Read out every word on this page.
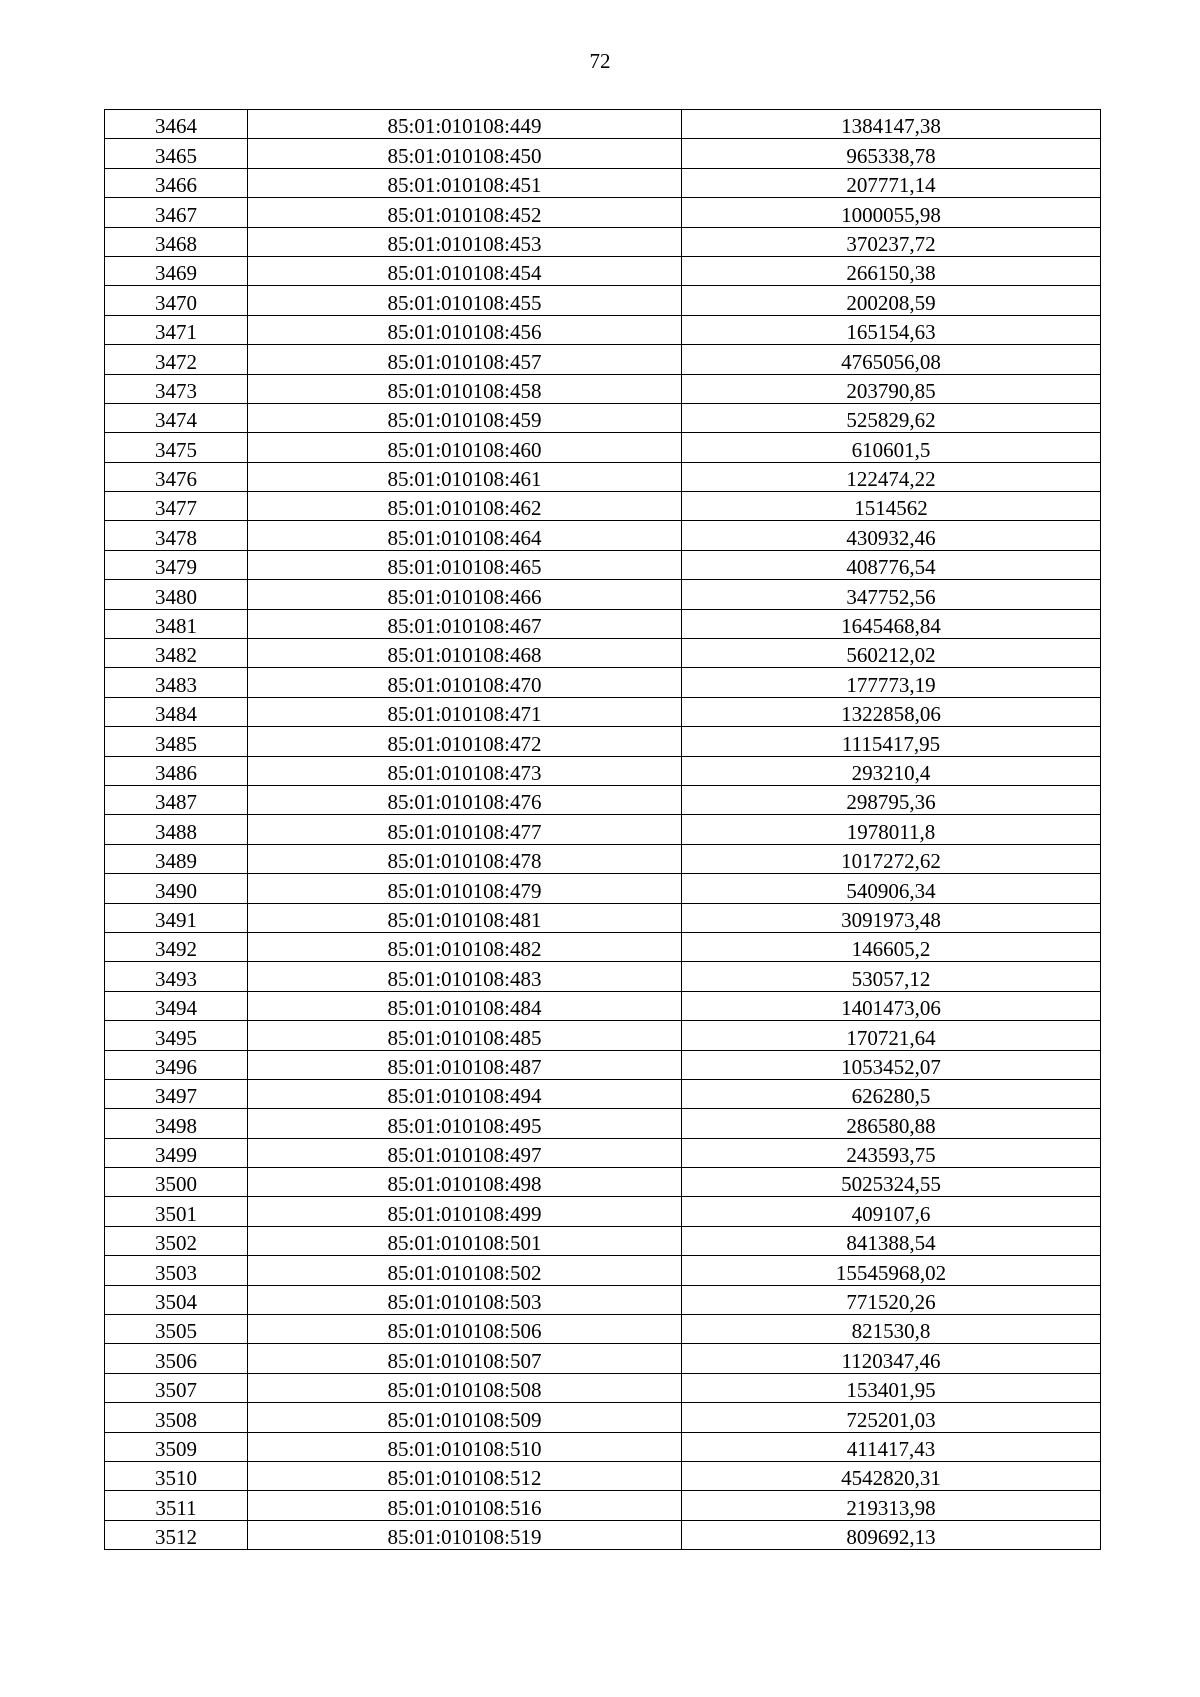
72
3464	85:01:010108:449	1384147,38
3465	85:01:010108:450	965338,78
3466	85:01:010108:451	207771,14
3467	85:01:010108:452	1000055,98
3468	85:01:010108:453	370237,72
3469	85:01:010108:454	266150,38
3470	85:01:010108:455	200208,59
3471	85:01:010108:456	165154,63
3472	85:01:010108:457	4765056,08
3473	85:01:010108:458	203790,85
3474	85:01:010108:459	525829,62
3475	85:01:010108:460	610601,5
3476	85:01:010108:461	122474,22
3477	85:01:010108:462	1514562
3478	85:01:010108:464	430932,46
3479	85:01:010108:465	408776,54
3480	85:01:010108:466	347752,56
3481	85:01:010108:467	1645468,84
3482	85:01:010108:468	560212,02
3483	85:01:010108:470	177773,19
3484	85:01:010108:471	1322858,06
3485	85:01:010108:472	1115417,95
3486	85:01:010108:473	293210,4
3487	85:01:010108:476	298795,36
3488	85:01:010108:477	1978011,8
3489	85:01:010108:478	1017272,62
3490	85:01:010108:479	540906,34
3491	85:01:010108:481	3091973,48
3492	85:01:010108:482	146605,2
3493	85:01:010108:483	53057,12
3494	85:01:010108:484	1401473,06
3495	85:01:010108:485	170721,64
3496	85:01:010108:487	1053452,07
3497	85:01:010108:494	626280,5
3498	85:01:010108:495	286580,88
3499	85:01:010108:497	243593,75
3500	85:01:010108:498	5025324,55
3501	85:01:010108:499	409107,6
3502	85:01:010108:501	841388,54
3503	85:01:010108:502	15545968,02
3504	85:01:010108:503	771520,26
3505	85:01:010108:506	821530,8
3506	85:01:010108:507	1120347,46
3507	85:01:010108:508	153401,95
3508	85:01:010108:509	725201,03
3509	85:01:010108:510	411417,43
3510	85:01:010108:512	4542820,31
3511	85:01:010108:516	219313,98
3512	85:01:010108:519	809692,13
